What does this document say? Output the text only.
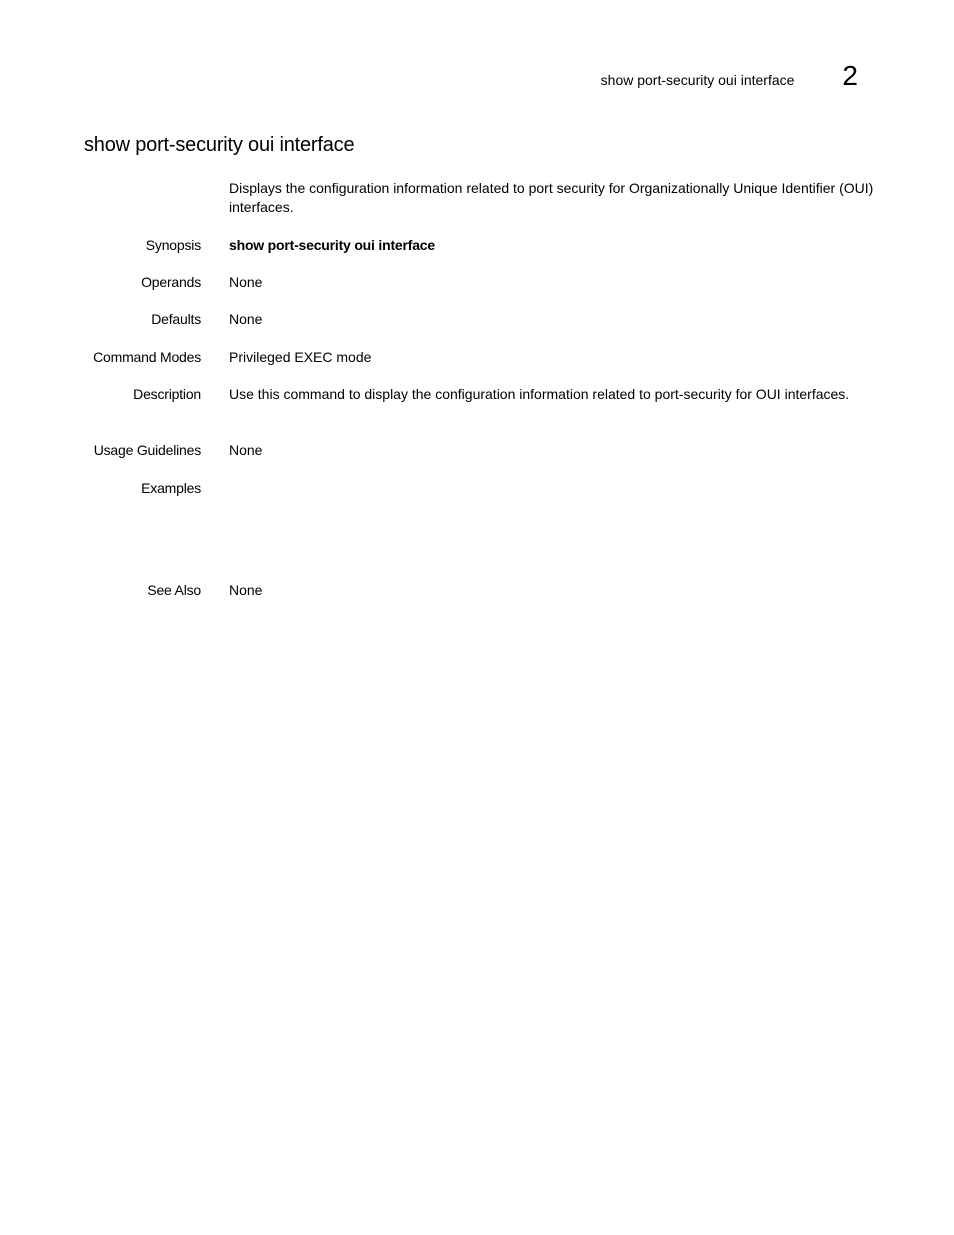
show port-security oui interface 2
show port-security oui interface
Displays the configuration information related to port security for Organizationally Unique Identifier (OUI) interfaces.
Synopsis show port-security oui interface
Operands None
Defaults None
Command Modes Privileged EXEC mode
Description Use this command to display the configuration information related to port-security for OUI interfaces.
Usage Guidelines None
Examples
See Also None
